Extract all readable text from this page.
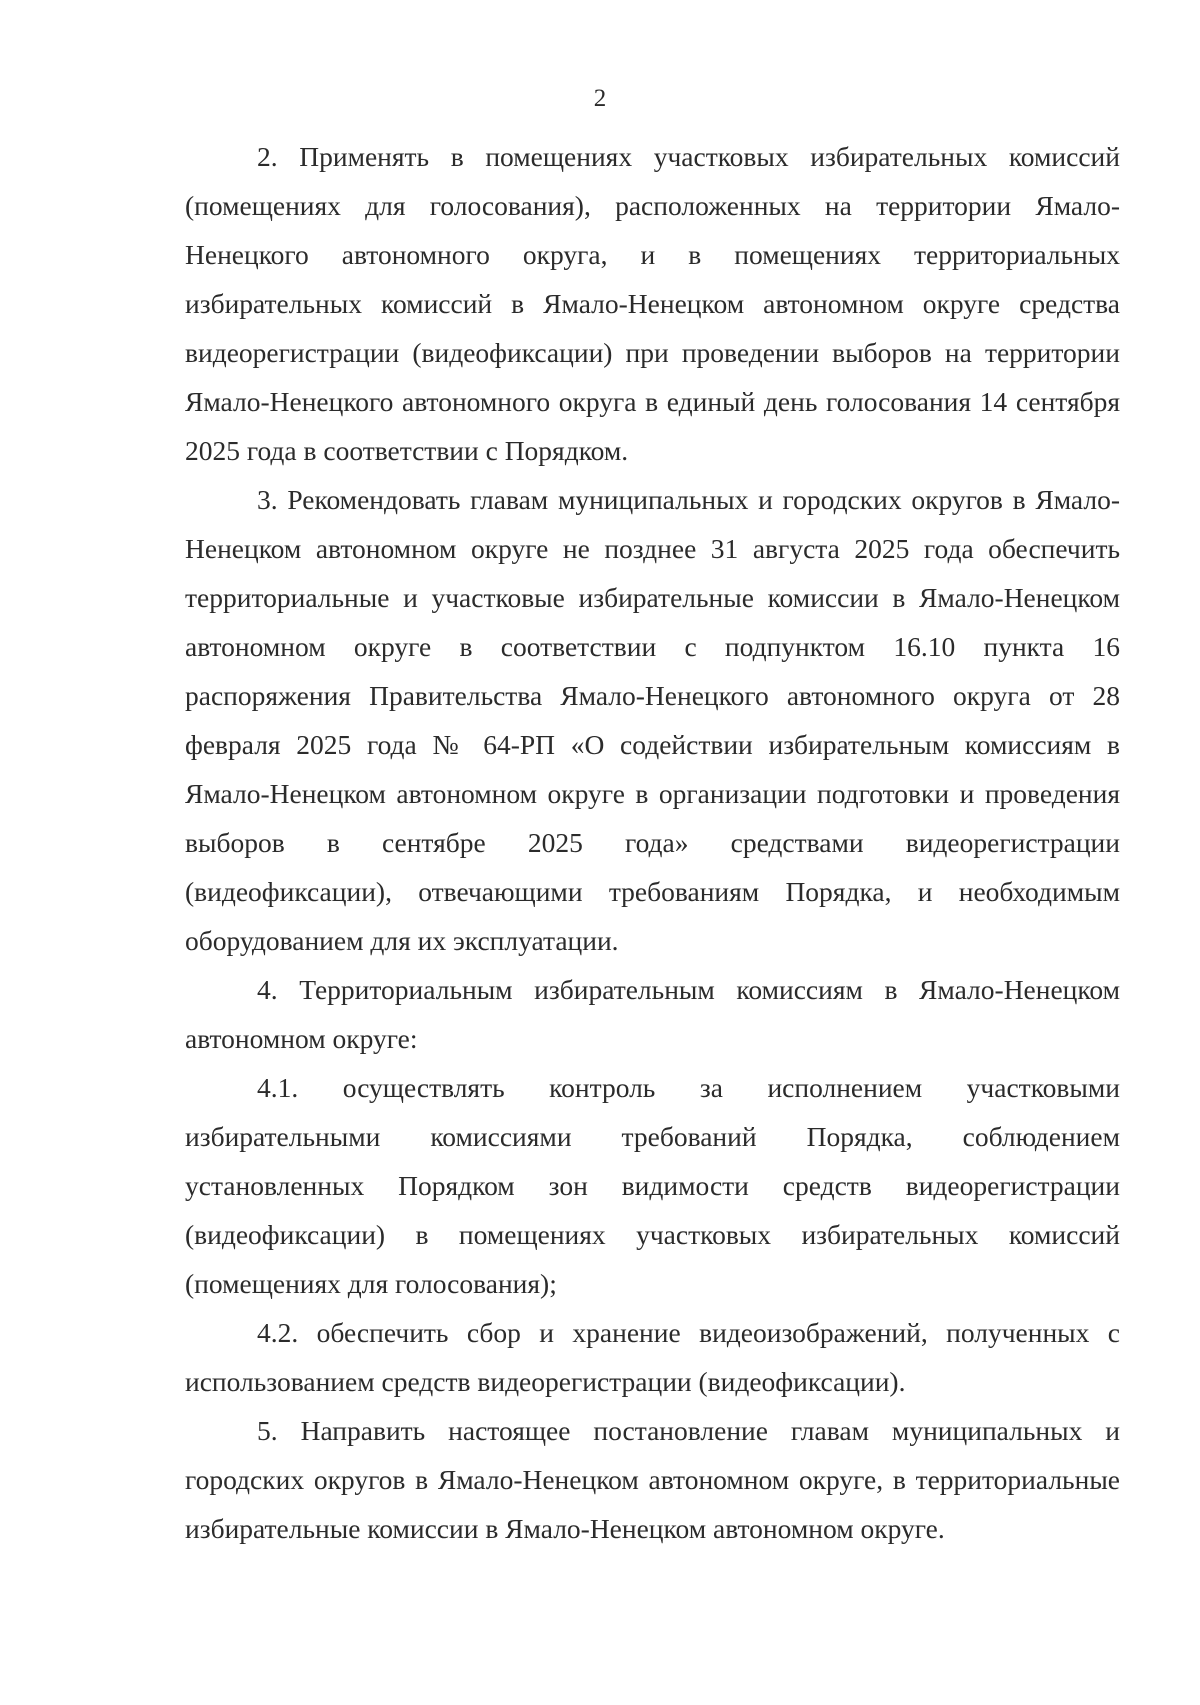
2

2. Применять в помещениях участковых избирательных комиссий (помещениях для голосования), расположенных на территории Ямало-Ненецкого автономного округа, и в помещениях территориальных избирательных комиссий в Ямало-Ненецком автономном округе средства видеорегистрации (видеофиксации) при проведении выборов на территории Ямало-Ненецкого автономного округа в единый день голосования 14 сентября 2025 года в соответствии с Порядком.

3. Рекомендовать главам муниципальных и городских округов в Ямало-Ненецком автономном округе не позднее 31 августа 2025 года обеспечить территориальные и участковые избирательные комиссии в Ямало-Ненецком автономном округе в соответствии с подпунктом 16.10 пункта 16 распоряжения Правительства Ямало-Ненецкого автономного округа от 28 февраля 2025 года № 64-РП «О содействии избирательным комиссиям в Ямало-Ненецком автономном округе в организации подготовки и проведения выборов в сентябре 2025 года» средствами видеорегистрации (видеофиксации), отвечающими требованиям Порядка, и необходимым оборудованием для их эксплуатации.

4. Территориальным избирательным комиссиям в Ямало-Ненецком автономном округе:

4.1. осуществлять контроль за исполнением участковыми избирательными комиссиями требований Порядка, соблюдением установленных Порядком зон видимости средств видеорегистрации (видеофиксации) в помещениях участковых избирательных комиссий (помещениях для голосования);

4.2. обеспечить сбор и хранение видеоизображений, полученных с использованием средств видеорегистрации (видеофиксации).

5. Направить настоящее постановление главам муниципальных и городских округов в Ямало-Ненецком автономном округе, в территориальные избирательные комиссии в Ямало-Ненецком автономном округе.
